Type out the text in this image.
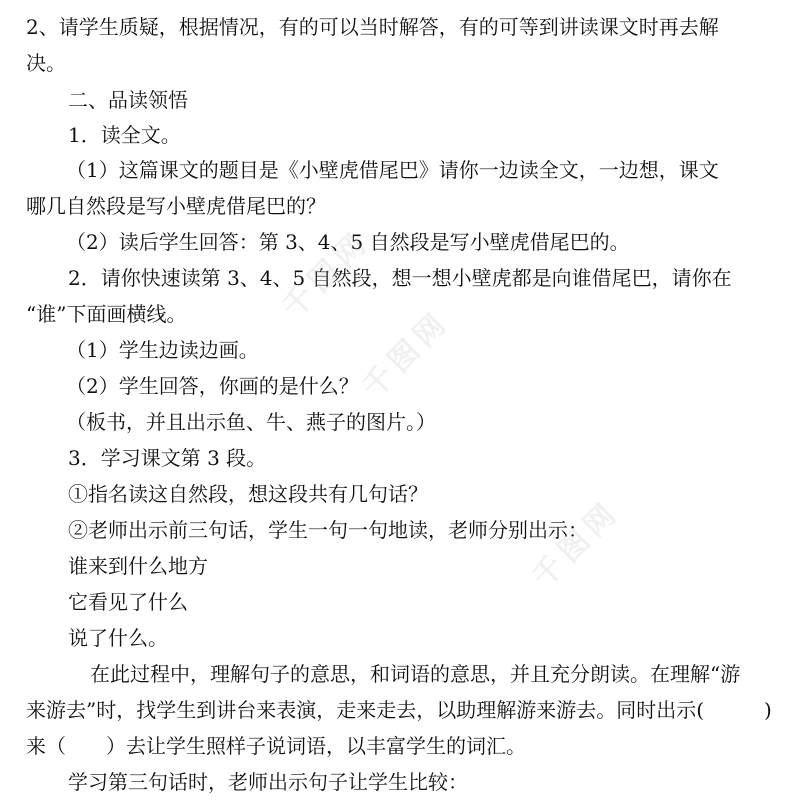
2、请学生质疑，根据情况，有的可以当时解答，有的可等到讲读课文时再去解
决。
二、品读领悟
1．读全文。
（1）这篇课文的题目是《小壁虎借尾巴》请你一边读全文，一边想，课文
哪几自然段是写小壁虎借尾巴的？
（2）读后学生回答：第 3、4、5 自然段是写小壁虎借尾巴的。
2．请你快速读第 3、4、5 自然段，想一想小壁虎都是向谁借尾巴，请你在
“谁”下面画横线。
（1）学生边读边画。
（2）学生回答，你画的是什么？
（板书，并且出示鱼、牛、燕子的图片。）
3．学习课文第 3 段。
①指名读这自然段，想这段共有几句话？
②老师出示前三句话，学生一句一句地读，老师分别出示：
谁来到什么地方
它看见了什么
说了什么。
在此过程中，理解句子的意思，和词语的意思，并且充分朗读。在理解“游
来游去”时，找学生到讲台来表演，走来走去，以助理解游来游去。同时出示(　　　)
来（　　）去让学生照样子说词语，以丰富学生的词汇。
学习第三句话时，老师出示句子让学生比较：
千图网
千图网
千图网
